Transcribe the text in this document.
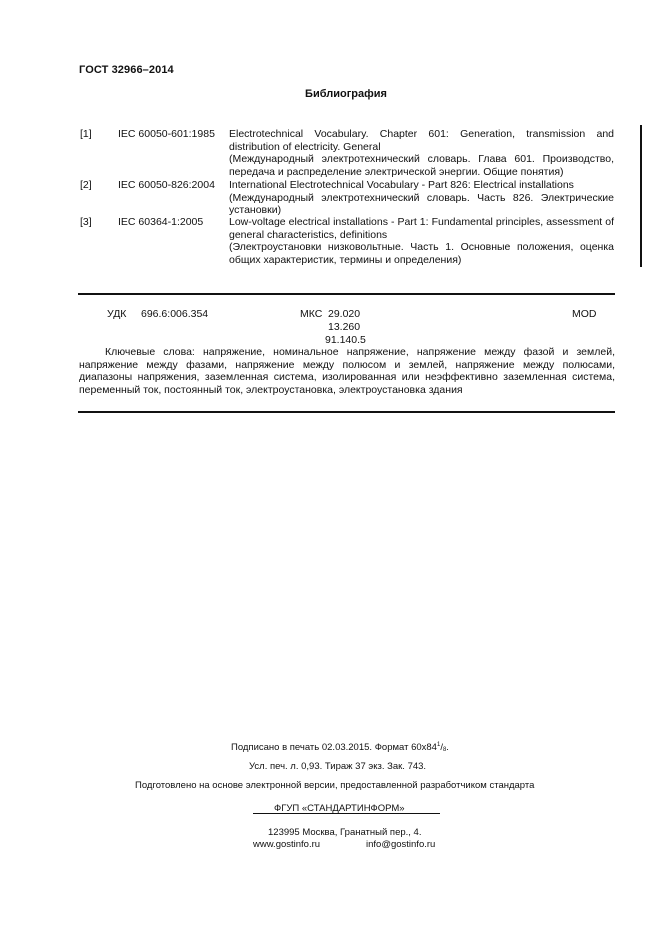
ГОСТ 32966–2014
Библиография
[1]	IEC 60050-601:1985 Electrotechnical Vocabulary. Chapter 601: Generation, transmission and distribution of electricity. General

(Международный электротехнический словарь. Глава 601. Производство, передача и распределение электрической энергии. Общие понятия)

[2]	IEC 60050-826:2004 International Electrotechnical Vocabulary - Part 826: Electrical installations

(Международный электротехнический словарь. Часть 826. Электрические установки)

[3]	IEC 60364-1:2005 Low-voltage electrical installations - Part 1: Fundamental principles, assessment of general characteristics, definitions

(Электроустановки низковольтные. Часть 1. Основные положения, оценка общих характеристик, термины и определения)

УДК 696.6:006.354	МКС 29.020
13.260
91.140.5
MOD
Ключевые слова: напряжение, номинальное напряжение, напряжение между фазой и землей, напряжение между фазами, напряжение между полюсом и землей, напряжение между полюсами, диапазоны напряжения, заземленная система, изолированная или неэффективно заземленная система, переменный ток, постоянный ток, электроустановка, электроустановка здания
Подписано в печать 02.03.2015. Формат $60х84^1/8$.
Усл. печ. л. 0,93. Тираж 37 экз. Зак. 743.
Подготовлено на основе электронной версии, предоставленной разработчиком стандарта
ФГУП «СТАНДАРТИНФОРМ»
123995 Москва, Гранатный пер., 4.
www.gostinfo.ru	info@gostinfo.ru
